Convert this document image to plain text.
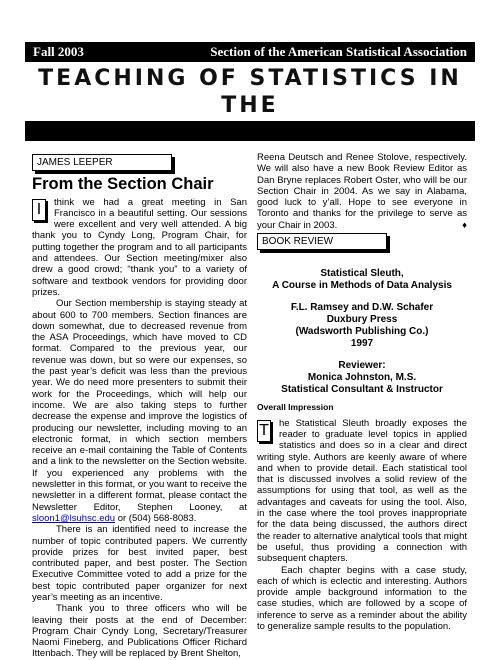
Fall 2003	Section of the American Statistical Association
TEACHING OF STATISTICS IN THE
JAMES LEEPER
From the Section Chair
I	think we had a great meeting in San Francisco in a beautiful setting. Our sessions were excellent and very well attended. A big thank you to Cyndy Long, Program Chair, for putting together the program and to all participants and attendees. Our Section meeting/mixer also drew a good crowd; “thank you” to a variety of software and textbook vendors for providing door prizes.

Our Section membership is staying steady at about 600 to 700 members. Section finances are down somewhat, due to decreased revenue from the ASA Proceedings, which have moved to CD format. Compared to the previous year, our revenue was down, but so were our expenses, so the past year’s deficit was less than the previous year. We do need more presenters to submit their work for the Proceedings, which will help our income. We are also taking steps to further decrease the expense and improve the logistics of producing our newsletter, including moving to an electronic format, in which section members receive an e-mail containing the Table of Contents and a link to the newsletter on the Section website. If you experienced any problems with the newsletter in this format, or you want to receive the newsletter in a different format, please contact the Newsletter Editor, Stephen Looney, at sloon1@lsuhsc.edu or (504) 568-8083.

There is an identified need to increase the number of topic contributed papers. We currently provide prizes for best invited paper, best contributed paper, and best poster. The Section Executive Committee voted to add a prize for the best topic contributed paper organizer for next year’s meeting as an incentive.

Thank you to three officers who will be leaving their posts at the end of December: Program Chair Cyndy Long, Secretary/Treasurer Naomi Fineberg, and Publications Officer Richard Ittenbach. They will be replaced by Brent Shelton,

Reena Deutsch and Renee Stolove, respectively. We will also have a new Book Review Editor as Dan Bryne replaces Robert Oster, who will be our Section Chair in 2004. As we say in Alabama, good luck to y’all. Hope to see everyone in Toronto and thanks for the privilege to serve as your Chair in 2003.	♦

BOOK REVIEW
Statistical Sleuth,
A Course in Methods of Data Analysis
F.L. Ramsey and D.W. Schafer
Duxbury Press
(Wadsworth Publishing Co.)
1997
Reviewer:
Monica Johnston, M.S.
Statistical Consultant & Instructor
Overall Impression
T	he Statistical Sleuth broadly exposes the reader to graduate level topics in applied statistics and does so in a clear and direct writing style. Authors are keenly aware of where and when to provide detail. Each statistical tool that is discussed involves a solid review of the assumptions for using that tool, as well as the advantages and caveats for using the tool. Also, in the case where the tool proves inappropriate for the data being discussed, the authors direct the reader to alternative analytical tools that might be useful, thus providing a connection with subsequent chapters.

Each chapter begins with a case study, each of which is eclectic and interesting. Authors provide ample background information to the case studies, which are followed by a scope of inference to serve as a reminder about the ability to generalize sample results to the population.
